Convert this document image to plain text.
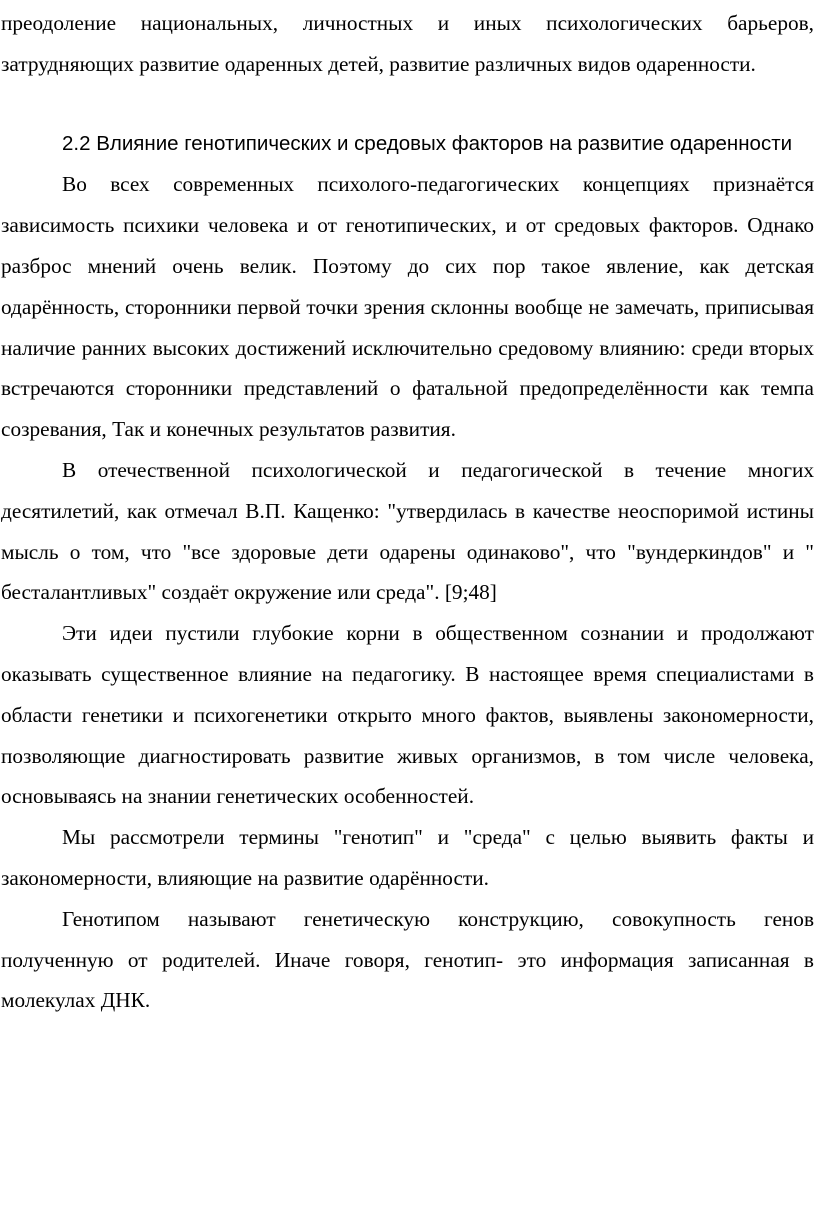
преодоление национальных, личностных и иных психологических барьеров, затрудняющих развитие одаренных детей, развитие различных видов одаренности.

2.2 Влияние генотипических и средовых факторов на развитие одаренности

Во всех современных психолого-педагогических концепциях признаётся зависимость психики человека и от генотипических, и от средовых факторов. Однако разброс мнений очень велик. Поэтому до сих пор такое явление, как детская одарённость, сторонники первой точки зрения склонны вообще не замечать, приписывая наличие ранних высоких достижений исключительно средовому влиянию: среди вторых встречаются сторонники представлений о фатальной предопределённости как темпа созревания, Так и конечных результатов развития.

В отечественной психологической и педагогической в течение многих десятилетий, как отмечал В.П. Кащенко: "утвердилась в качестве неоспоримой истины мысль о том, что "все здоровые дети одарены одинаково", что "вундеркиндов" и " бесталантливых" создаёт окружение или среда". [9;48]

Эти идеи пустили глубокие корни в общественном сознании и продолжают оказывать существенное влияние на педагогику. В настоящее время специалистами в области генетики и психогенетики открыто много фактов, выявлены закономерности, позволяющие диагностировать развитие живых организмов, в том числе человека, основываясь на знании генетических особенностей.

Мы рассмотрели термины "генотип" и "среда" с целью выявить факты и закономерности, влияющие на развитие одарённости.

Генотипом называют генетическую конструкцию, совокупность генов полученную от родителей. Иначе говоря, генотип- это информация записанная в молекулах ДНК.
